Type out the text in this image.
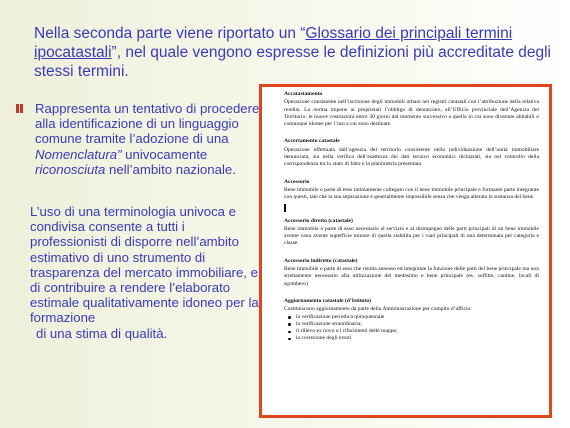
Nella seconda parte viene riportato un “Glossario dei principali termini ipocatastali”, nel quale vengono espresse le definizioni più accreditate degli stessi termini.
Rappresenta un tentativo di procedere alla identificazione di un linguaggio comune tramite l’adozione di una Nomenclatura” univocamente riconosciuta nell’ambito nazionale.
L’uso di una terminologia univoca e condivisa consente a tutti i professionisti di disporre nell’ambito estimativo di uno strumento di trasparenza del mercato immobiliare, e di contribuire a rendere l’elaborato estimale qualitativamente idoneo per la formazione
di una stima di qualità.
Accatastamento
Operazione consistente nell’iscrizione degli immobili urbani nei registri catastali con l’attribuzione della relativa rendita. La norma impone ai proprietari l’obbligo di denunciare, all’Ufficio provinciale dell’Agenzia del Territorio, le nuove costruzioni entro 30 giorni dal momento successivo a quello in cui sono divenute abitabili o comunque idonee per l’uso a cui sono destinate.
Accertamento catastale
Operazione effettuata dall’agenzia del territorio consistente nella individuazione dell’unità immobiliare denunciata, sia nella verifica dell’esattezza dei dati tecnico economici dichiarati, sia nel controllo della corrispondenza tra lo stato di fatto e la planimetria presentata.
Accessorio
Bene immobile o parte di esso intimamente collegato con il bene immobile principale e formante parte integrante con questi, tale che la sua separazione è generalmente impossibile senza che venga alterata la sostanza del bene.
Accessorio diretto (catastale)
Bene immobile o parte di esso necessario al servizio e al disimpegno delle parti principali di un bene immobile avente vano avente superficie minore di quella stabilita per i vani principali di una determinata per categoria e classe.
Accessorio indiretto (catastale)
Bene immobile o parte di esso che risulta annesso ed integrante la funzione delle parti del bene principale ma non strettamente necessario alla utilizzazione del medesimo e bene principale (es. soffitte, cantine, locali di sgombero)
Aggiornamento catastale (d’Istituto)
Costituiscono aggiornamento da parte della Amministrazione per compito d’ufficio:
la verificazione periodica quinquennale
la verificazione straordinaria;
il rilievo ex novo o i rifacimenti delle mappe;
la correzione degli errori
